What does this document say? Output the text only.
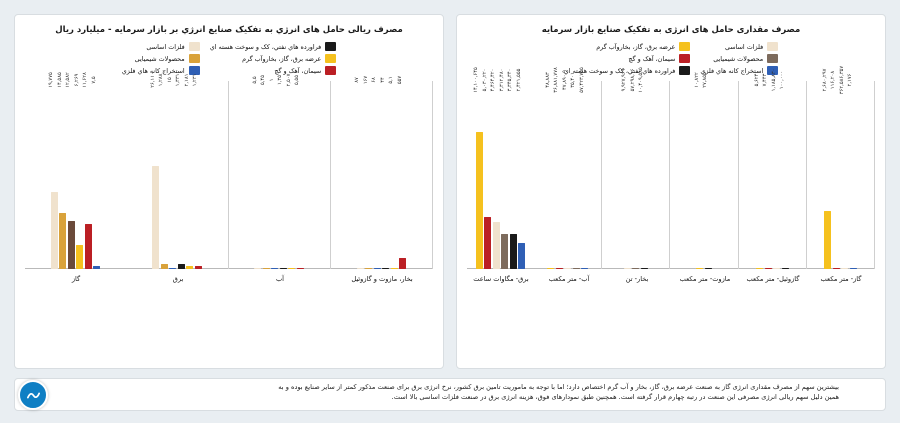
مصرف مقداری حامل های انرژی به تفکیک صنایع بازار سرمایه
عرضه برق، گاز، بخاروآب گرم
سیمان، آهک و گچ
فراورده هاي نفتي، کک و سوخت هسته اي
فلزات اساسی
محصولات شیمیایی
استخراج کانه هاي فلزي
۱۴,۱۰۰,۶۴۵ ۵,۰۳۰,۲۲۰ ۴,۴۶۴,۴۲۰ ۳,۳۱۲,۴۸۰ ۳,۳۴۵,۳۴۰ ۲,۴۲۱,۵۵۵	۴۸,۸۸۳ ۳۶,۸۸۱,۷۷۸ ۴۷,۸۹۰,۹ ۳۵,۴۰۱ ۵۷,۴۲۳,۷۵۵	۹,۹۲۷,۹۶۹ ۵۷,۲۹۸,۰۶ ۱۰,۴۰۹,۵۸۵	۱۰,۸۲۲ ۲۷,۸۵۵	۵,۶۲۴ ۷,۴۴۳ ۱,۱۸۵,۸۳۰ ۱۰۰,۰۰۰	۲,۶۸۰,۲۹۷ ۱۱۶,۲۰۸ ۳۶۲,۵۸۶,۳۵۷ ۲,۱۷۶
برق- مگاوات ساعت	آب- متر مکعب	بخار- تن	مازوت- متر مکعب	گازوئیل- متر مکعب	گاز- متر مکعب
مصرف ریالی حامل های انرژي به تفکیک صنایع انرژي بر بازار سرمایه - میلیارد ریال
فلزات اساسی
محصولات شیمیایی
استخراج کانه هاي فلزي
فراورده هاي نفتي، کک و سوخت هسته اي
عرضه برق، گاز، بخاروآب گرم
سیمان، آهک و گچ
۱۹,۷۷۵ ۱۴,۵۸۵ ۱۲,۵۸۲ ۶,۲۶۹ ۱۱,۶۲۸ ۷,۵	۲۶,۱۱۰ ۱,۲۸۸ ۱۵ ۱,۳۳۱ ۲,۱۸۱ ۱,۲۳۱	۵,۵ ۵,۴۵ ۱ ۱,۳۵ ۲,۵۰۷ ۵,۵۵	۸۷ ۱۶۷ ۶۸ ۴۴ ۵,۱ ۵۵۷
گاز	برق	آب	بخار، مازوت و گازوئیل
بیشترین سهم از مصرف مقداری انرژی گاز به صنعت عرضه برق، گاز، بخار و آب گرم اختصاص دارد؛ اما با توجه به ماموریت تامین برق کشور، نرخ انرژی برق برای صنعت مذکور کمتر از سایر صنایع بوده و به
همین دلیل سهم ریالی انرژی مصرفی این صنعت در رتبه چهارم قرار گرفته است. همچنین طبق نمودارهای فوق، هزینه انرژی برق در صنعت فلزات اساسی بالا است.
